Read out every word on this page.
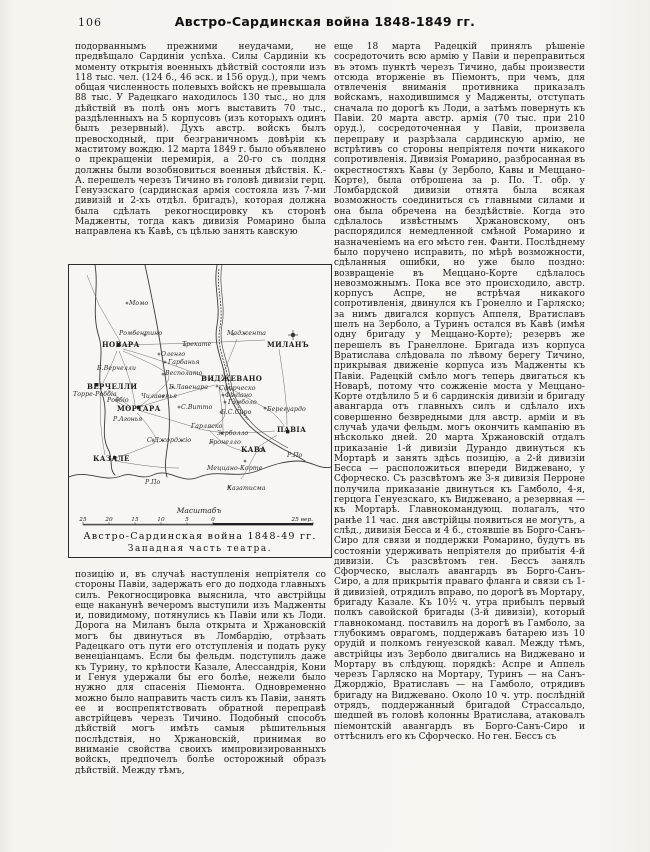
106	Австро-Сардинская война 1848-1849 гг.

подорваннымъ прежними неудачами, не предвѣщало Сардиніи успѣха. Силы Сардиніи къ моменту открытія военныхъ дѣйствій состояли изъ 118 тыс. чел. (124 б., 46 эск. и 156 оруд.), при чемъ общая численность полевыхъ войскъ не превышала 88 тыс. У Радецкаго находилось 130 тыс., но для дѣйствій въ полѣ онъ могъ выставить 70 тыс., раздѣленныхъ на 5 корпусовъ (изъ которыхъ одинъ былъ резервный). Духъ австр. войскъ былъ превосходный, при безграничномъ довѣріи къ маститому вождю. 12 марта 1849 г. было объявлено о прекращеніи перемирія, а 20-го съ полдня должны были возобновиться военныя дѣйствія. К.-А. перешелъ черезъ Тичино въ головѣ дивизіи герц. Генуэзскаго (сардинская армія состояла изъ 7-ми дивизій и 2-хъ отдѣл. бригадъ), которая должна была сдѣлать рекогносцировку къ сторонѣ Мадженты, тогда какъ дивизія Ромарино была направлена къ Кавѣ, съ цѣлью занять кавскую

НОВАРА	МИЛАНЪ
ВЕРЧЕЛЛИ
ВИДЖЕВАНО
МОРТАРА
ПАВІА
КАЗАЛЕ
КАВА
Момо
Ромбентино
Трекате
Маджента
Оленго
Гарбанья
Б.Верчелли
Весполато
Б.Лавенара Сфорческо
Торре-Роббіа	Фоліано
Чилавенья
Роббіо	Гамболо
С.Витто
Б.С.Сиро	Берегуардо
Гарляско
Зерболло
С.Джорджіо	Гронелло
Меццано-Корте
Казатисма
Р.Агонья
Р.По
Р.По
Масштабъ
25	20	15	10	5	0	25 вер.
Австро-Сардинская война 1848-49 гг.
Западная часть театра.

позицію и, въ случаѣ наступленія непріятеля со стороны Павіи, задержать его до подхода главныхъ силъ. Рекогносцировка выяснила, что австрійцы еще наканунѣ вечеромъ выступили изъ Мадженты и, повидимому, потянулись къ Павіи или къ Лоди. Дорога на Миланъ была открыта и Хржановскій могъ бы двинуться въ Ломбардію, отрѣзать Радецкаго отъ пути его отступленія и подать руку венеціанцамъ. Если бы фельдм. подступилъ даже къ Турину, то крѣпости Казале, Алессандрія, Кони и Генуя удержали бы его болѣе, нежели было нужно для спасенія Піемонта. Одновременно можно было направить часть силъ къ Павіи, занять ее и воспрепятствовать обратной переправѣ австрійцевъ черезъ Тичино. Подобный способъ дѣйствій могъ имѣть самыя рѣшительныя послѣдствія, но Хржановскій, принимая во вниманіе свойства своихъ импровизированныхъ войскъ, предпочелъ болѣе осторожный образъ дѣйствій. Между тѣмъ,

еще 18 марта Радецкій принялъ рѣшеніе сосредоточить всю армію у Павіи и переправиться въ этомъ пунктѣ черезъ Тичино, дабы произвести отсюда вторженіе въ Піемонтъ, при чемъ, для отвлеченія вниманія противника приказалъ войскамъ, находившимся у Мадженты, отступать сначала по дорогѣ къ Лоди, а затѣмъ повернуть къ Павіи. 20 марта австр. армія (70 тыс. при 210 оруд.), сосредоточенная у Павіи, произвела переправу и разрѣзала сардинскую армію, не встрѣтивъ со стороны непріятеля почти никакого сопротивленія. Дивизія Ромарино, разбросанная въ окрестностяхъ Кавы (у Зерболо, Кавы и Меццано-Корте), была отброшена за р. По. Т. обр. у Ломбардской дивизіи отнята была всякая возможность соединиться съ главными силами и она была обречена на бездѣйствіе. Когда это сдѣлалось извѣстнымъ Хржановскому, онъ распорядился немедленной смѣной Ромарино и назначеніемъ на его мѣсто ген. Фанти. Послѣднему было поручено исправить, по мѣрѣ возможности, сдѣланныя ошибки, но уже было поздно: возвращеніе въ Меццано-Корте сдѣлалось невозможнымъ. Пока все это происходило, австр. корпусъ Аспре, не встрѣчая никакого сопротивленія, двинулся къ Гронелло и Гарляско; за нимъ двигался корпусъ Аппеля, Вратиславъ шелъ на Зерболо, а Туринъ остался въ Кавѣ (имѣя одну бригаду у Меццано-Корте); резервъ же перешелъ въ Гранеллоне. Бригада изъ корпуса Вратислава слѣдовала по лѣвому берегу Тичино, прикрывая движеніе корпуса изъ Мадженты къ Павіи. Радецкій смѣло могъ теперь двигаться къ Новарѣ, потому что сожженіе моста у Меццано-Корте отдѣлило 5 и 6 сардинскія дивизіи и бригаду авангарда отъ главныхъ силъ и сдѣлало ихъ совершенно безвредными для австр. арміи и въ случаѣ удачи фельдм. могъ окончить кампанію въ нѣсколько дней. 20 марта Хржановскій отдалъ приказаніе 1-й дивизіи Дурандо двинуться къ Мортарѣ и занять здѣсь позицію, а 2-й дивизіи Бесса — расположиться впереди Виджевано, у Сфорческо. Съ разсвѣтомъ же 3-я дивизія Перроне получила приказаніе двинуться къ Гамболо, 4-я, герцога Генуезскаго, къ Виджевано, а резервная — къ Мортарѣ. Главнокомандующ. полагалъ, что ранѣе 11 час. дня австрійцы появиться не могутъ, а слѣд., дивизія Бесса и 4 б., стоявшіе въ Борго-Санъ-Сиро для связи и поддержки Ромарино, будутъ въ состояніи удерживать непріятеля до прибытія 4-й дивизіи. Съ разсвѣтомъ ген. Бессъ занялъ Сфорческо, выслалъ авангардъ въ Борго-Санъ-Сиро, а для прикрытія праваго фланга и связи съ 1-й дивизіей, отрядилъ вправо, по дорогѣ въ Мортару, бригаду Казале. Къ 10½ ч. утра прибылъ первый полкъ савойской бригады (3-й дивизіи), который главнокоманд. поставилъ на дорогѣ въ Гамболо, за глубокимъ оврагомъ, поддержавъ батарею изъ 10 орудій и полкомъ генуезской кавал. Между тѣмъ, австрійцы изъ Зерболо двигались на Виджевано и Мортару въ слѣдующ. порядкѣ: Аспре и Аппель черезъ Гарляско на Мортару, Туринъ — на Санъ-Джорджіо, Вратиславъ — на Гамболо, отрядивъ бригаду на Виджевано. Около 10 ч. утр. послѣдній отрядъ, поддержанный бригадой Страссальдо, шедшей въ головѣ колонны Вратислава, атаковалъ піемонтскій авангардъ въ Борго-Санъ-Сиро и оттѣснилъ его къ Сфорческо. Но ген. Бессъ съ
